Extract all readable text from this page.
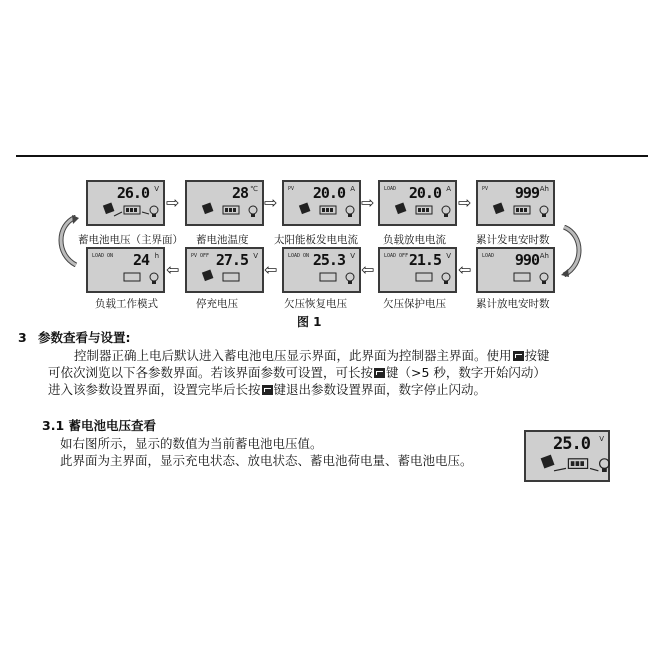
26.0 V	28 ℃	PV 20.0 A	LOAD 20.0 A	PV 999 Ah
⇨	⇨	⇨	⇨
蓄电池电压（主界面） 蓄电池温度 太阳能板发电电流 负载放电电流	累计发电安时数
LOAD ON 24 h	PV OFF 27.5 V	LOAD ON 25.3 V	LOAD OFF 21.5 V	LOAD 990 Ah
⇦	⇦	⇦	⇦
负载工作模式	停充电压	欠压恢复电压	欠压保护电压	累计放电安时数
图 1
3 参数查看与设置:
控制器正确上电后默认进入蓄电池电压显示界面，此界面为控制器主界面。使用 按键
可依次浏览以下各参数界面。若该界面参数可设置，可长按 键（>5 秒，数字开始闪动）
进入该参数设置界面，设置完毕后长按 键退出参数设置界面，数字停止闪动。
3.1 蓄电池电压查看
如右图所示，显示的数值为当前蓄电池电压值。
此界面为主界面，显示充电状态、放电状态、蓄电池荷电量、蓄电池电压。
25.0 V
